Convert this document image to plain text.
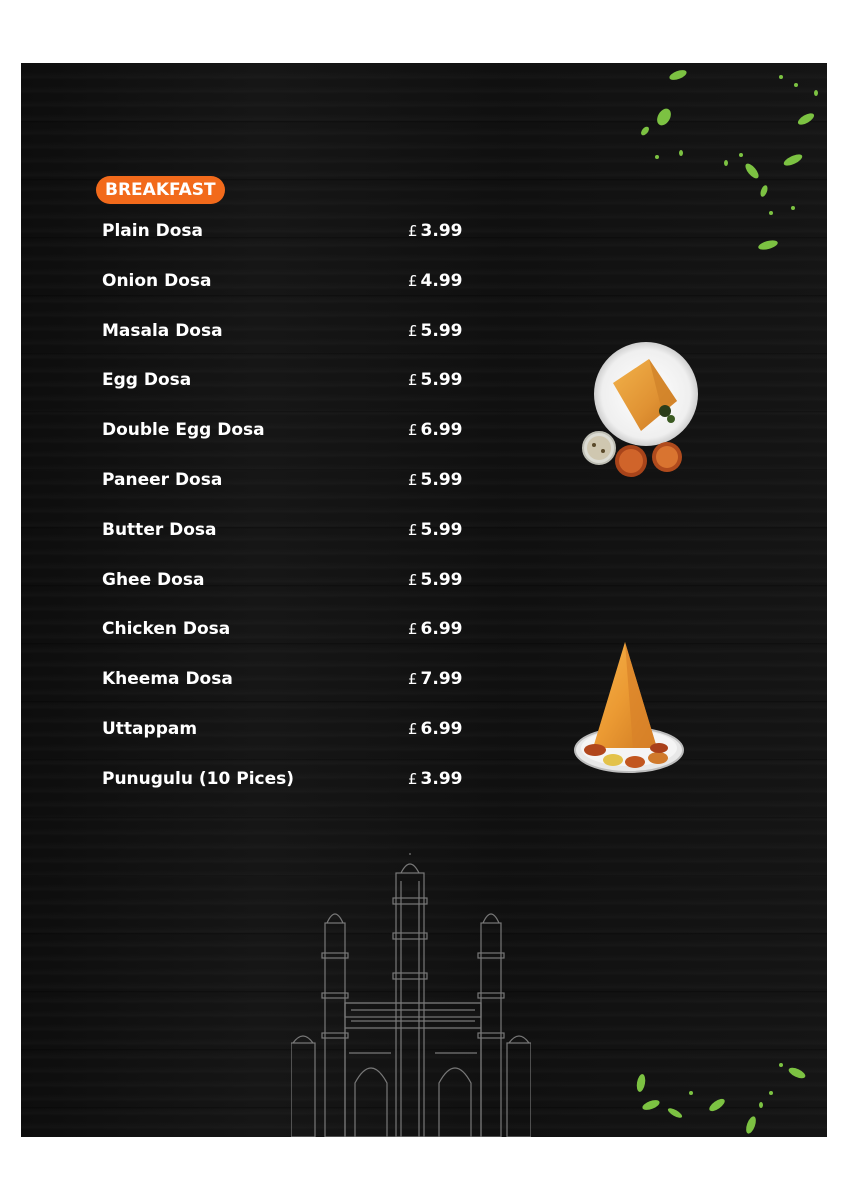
BREAKFAST
Plain Dosa	£ 3.99
Onion Dosa	£ 4.99
Masala Dosa	£ 5.99
Egg Dosa	£ 5.99
Double Egg Dosa	£ 6.99
Paneer Dosa	£ 5.99
Butter Dosa	£ 5.99
Ghee Dosa	£ 5.99
Chicken Dosa	£ 6.99
Kheema Dosa	£ 7.99
Uttappam	£ 6.99
Punugulu (10 Pices)	£ 3.99
